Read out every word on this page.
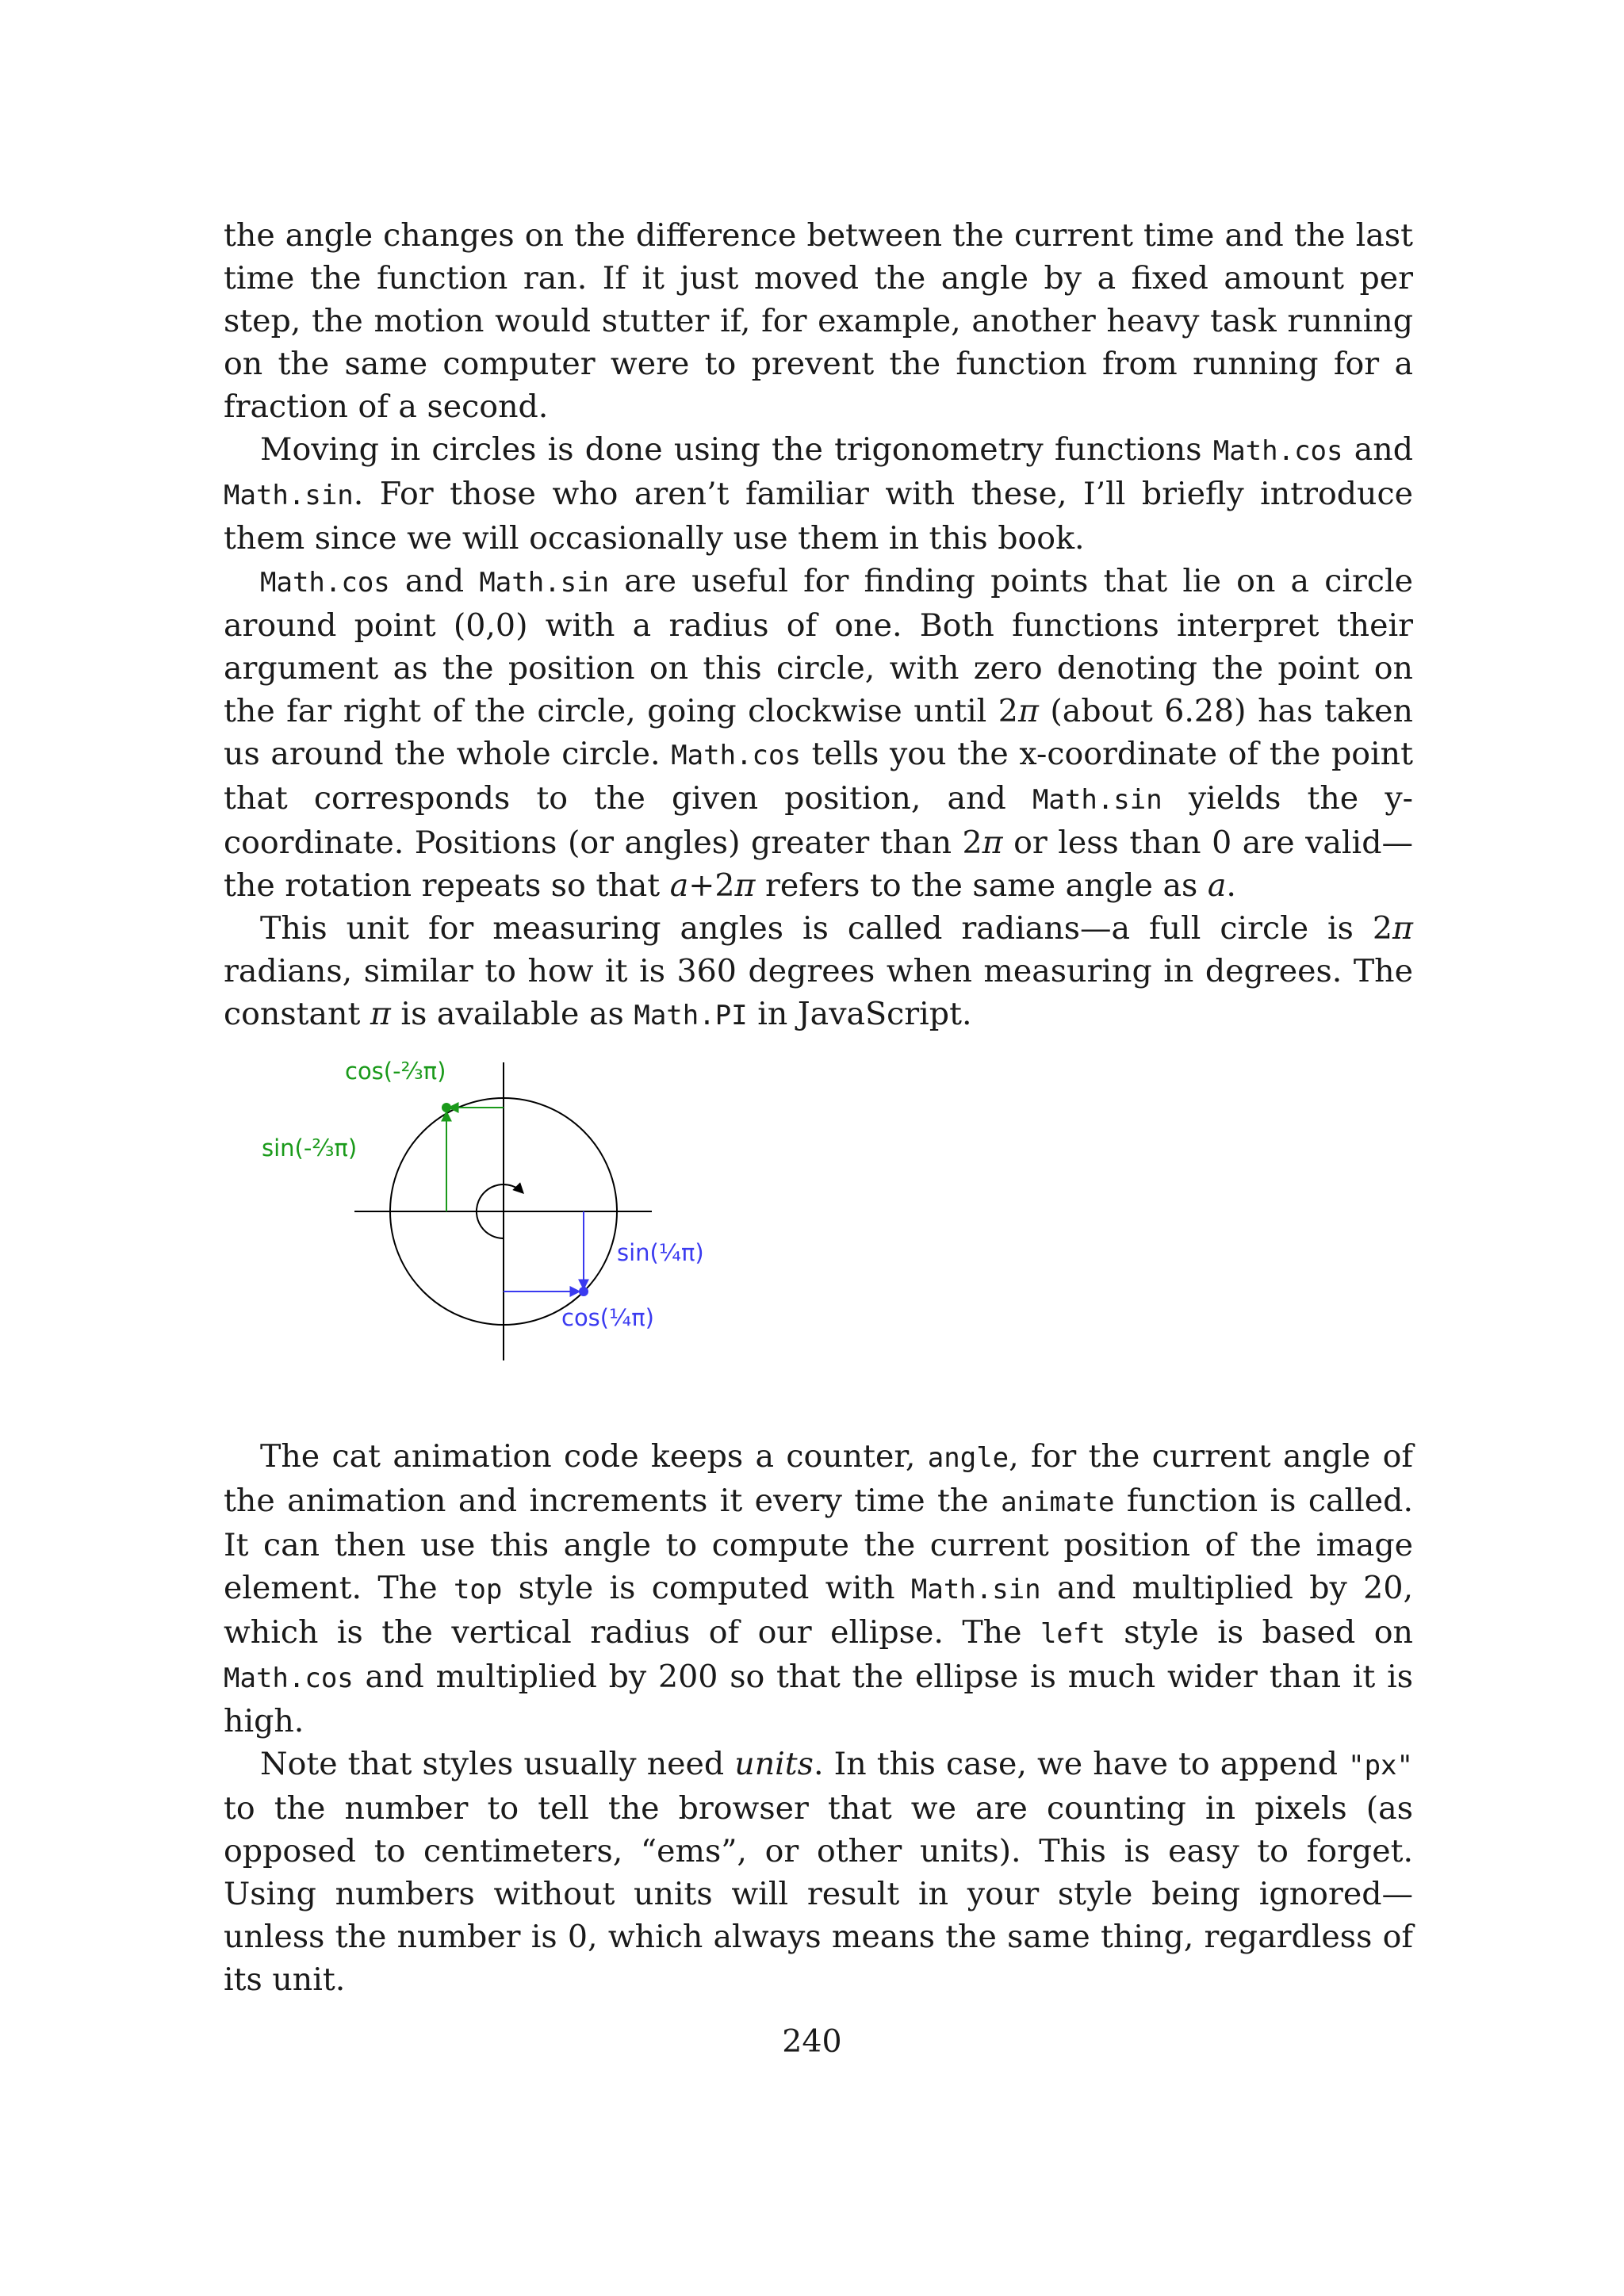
the angle changes on the difference between the current time and the last time the function ran. If it just moved the angle by a fixed amount per step, the motion would stutter if, for example, another heavy task running on the same computer were to prevent the function from running for a fraction of a second.

Moving in circles is done using the trigonometry functions Math.cos and Math.sin. For those who aren’t familiar with these, I’ll briefly introduce them since we will occasionally use them in this book.

Math.cos and Math.sin are useful for finding points that lie on a circle around point (0,0) with a radius of one. Both functions interpret their argument as the position on this circle, with zero denoting the point on the far right of the circle, going clockwise until 2π (about 6.28) has taken us around the whole circle. Math.cos tells you the x-coordinate of the point that corresponds to the given position, and Math.sin yields the y-coordinate. Positions (or angles) greater than 2π or less than 0 are valid—the rotation repeats so that a+2π refers to the same angle as a.

This unit for measuring angles is called radians—a full circle is 2π radians, similar to how it is 360 degrees when measuring in degrees. The constant π is available as Math.PI in JavaScript.

cos(-⅔π)
sin(-⅔π)
sin(¼π)
cos(¼π)

The cat animation code keeps a counter, angle, for the current angle of the animation and increments it every time the animate function is called. It can then use this angle to compute the current position of the image element. The top style is computed with Math.sin and multiplied by 20, which is the vertical radius of our ellipse. The left style is based on Math.cos and multiplied by 200 so that the ellipse is much wider than it is high.

Note that styles usually need units. In this case, we have to append "px" to the number to tell the browser that we are counting in pixels (as opposed to centimeters, “ems”, or other units). This is easy to forget. Using numbers without units will result in your style being ignored—unless the number is 0, which always means the same thing, regardless of its unit.

240
